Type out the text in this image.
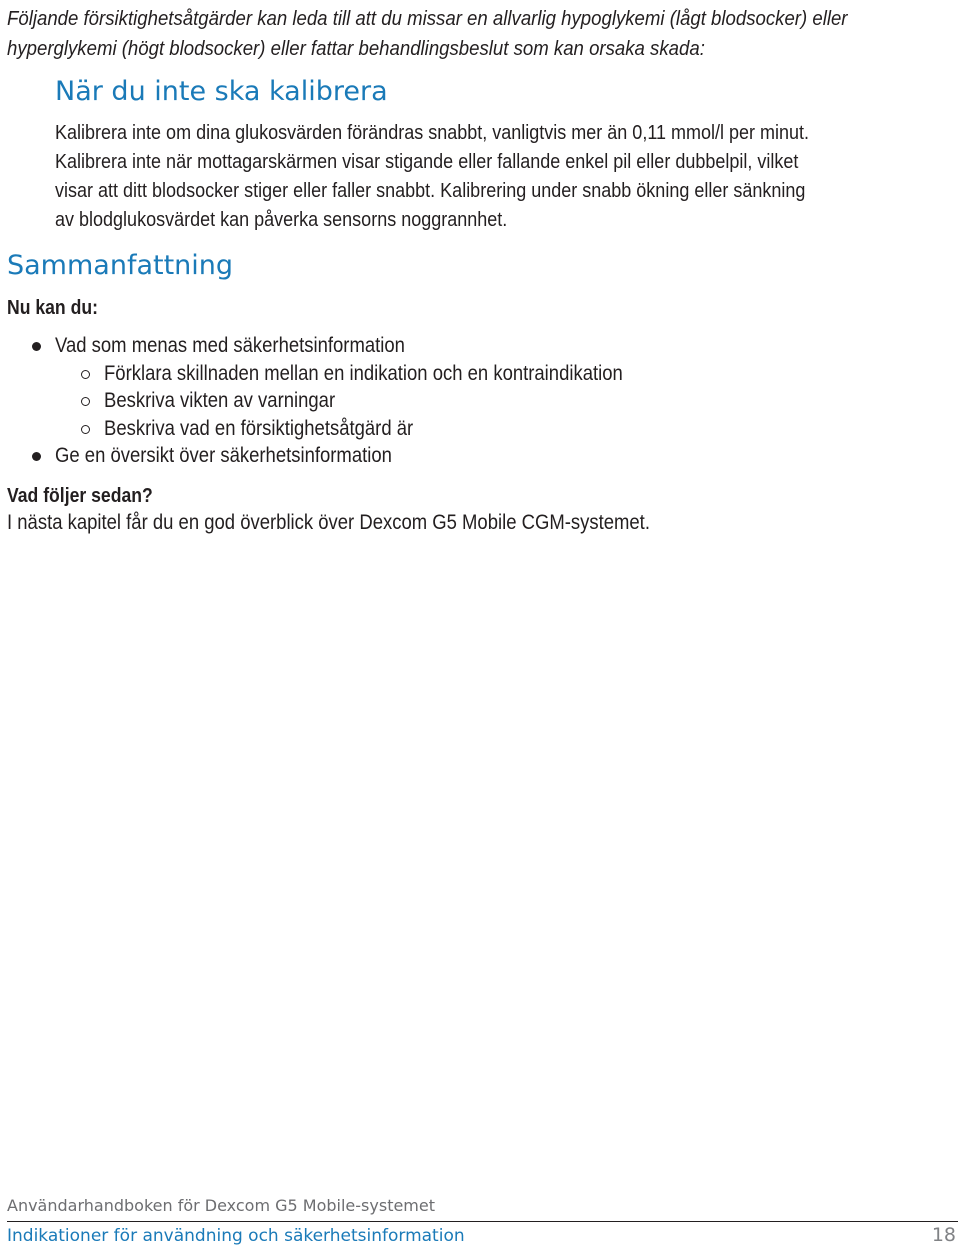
Följande försiktighetsåtgärder kan leda till att du missar en allvarlig hypoglykemi (lågt blodsocker) eller
hyperglykemi (högt blodsocker) eller fattar behandlingsbeslut som kan orsaka skada:
När du inte ska kalibrera
Kalibrera inte om dina glukosvärden förändras snabbt, vanligtvis mer än 0,11 mmol/l per minut.
Kalibrera inte när mottagarskärmen visar stigande eller fallande enkel pil eller dubbelpil, vilket
visar att ditt blodsocker stiger eller faller snabbt. Kalibrering under snabb ökning eller sänkning
av blodglukosvärdet kan påverka sensorns noggrannhet.
Sammanfattning
Nu kan du:
Vad som menas med säkerhetsinformation
Förklara skillnaden mellan en indikation och en kontraindikation
Beskriva vikten av varningar
Beskriva vad en försiktighetsåtgärd är
Ge en översikt över säkerhetsinformation
Vad följer sedan?
I nästa kapitel får du en god överblick över Dexcom G5 Mobile CGM-systemet.
Användarhandboken för Dexcom G5 Mobile-systemet
Indikationer för användning och säkerhetsinformation	18
